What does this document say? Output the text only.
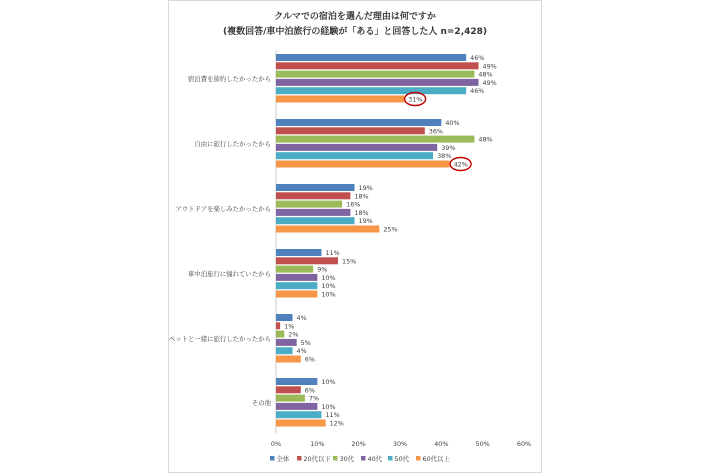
クルマでの宿泊を選んだ理由は何ですか
(複数回答/車中泊旅行の経験が「ある」と回答した人 n=2,428)
宿泊費を節約したかったから
46%
49%
48%
49%
46%
31%
自由に旅行したかったから
40%
36%
48%
39%
38%
42%
アウトドアを楽しみたかったから
19%
18%
16%
18%
19%
25%
車中泊旅行に憧れていたから
11%
15%
9%
10%
10%
10%
ペットと一緒に旅行したかったから
4%
1%
2%
5%
4%
6%
その他
10%
6%
7%
10%
11%
12%
0%	10%	20%	30%	40%	50%	60%
全体 20代以下 30代 40代 50代 60代以上
